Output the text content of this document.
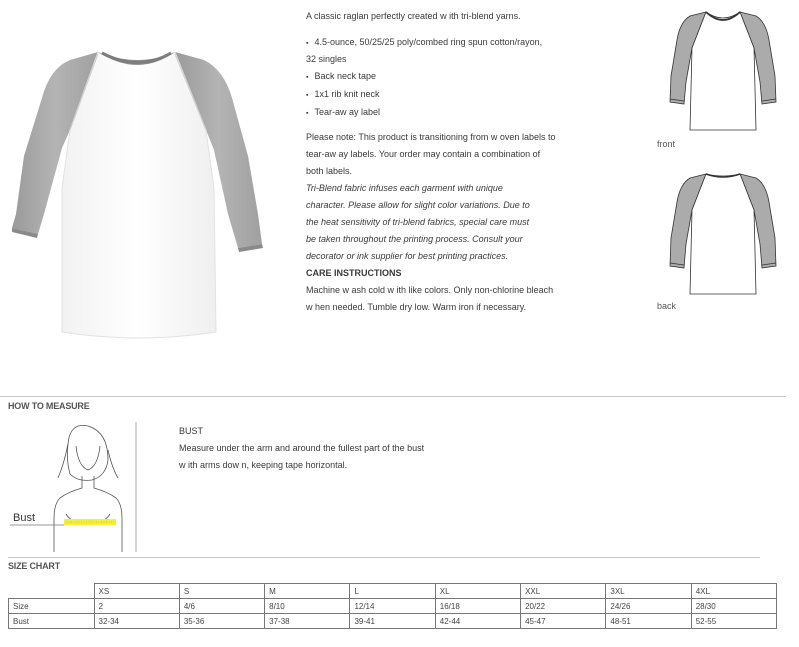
A classic raglan perfectly created w ith tri-blend yarns.
▪ 4.5-ounce, 50/25/25 poly/combed ring spun cotton/rayon,
32 singles
▪ Back neck tape
▪ 1x1 rib knit neck
▪ Tear-aw ay label
Please note: This product is transitioning from w oven labels to
tear-aw ay labels. Your order may contain a combination of
both labels.
Tri-Blend fabric infuses each garment with unique
character. Please allow for slight color variations. Due to
the heat sensitivity of tri-blend fabrics, special care must
be taken throughout the printing process. Consult your
decorator or ink supplier for best printing practices.
CARE INSTRUCTIONS
Machine w ash cold w ith like colors. Only non-chlorine bleach
w hen needed. Tumble dry low. Warm iron if necessary.
front
back
HOW TO MEASURE
Bust
BUST
Measure under the arm and around the fullest part of the bust
w ith arms dow n, keeping tape horizontal.
SIZE CHART
	XS	S	M	L	XL	XXL	3XL	4XL
Size	2	4/6	8/10	12/14	16/18	20/22	24/26	28/30
Bust	32-34	35-36	37-38	39-41	42-44	45-47	48-51	52-55
